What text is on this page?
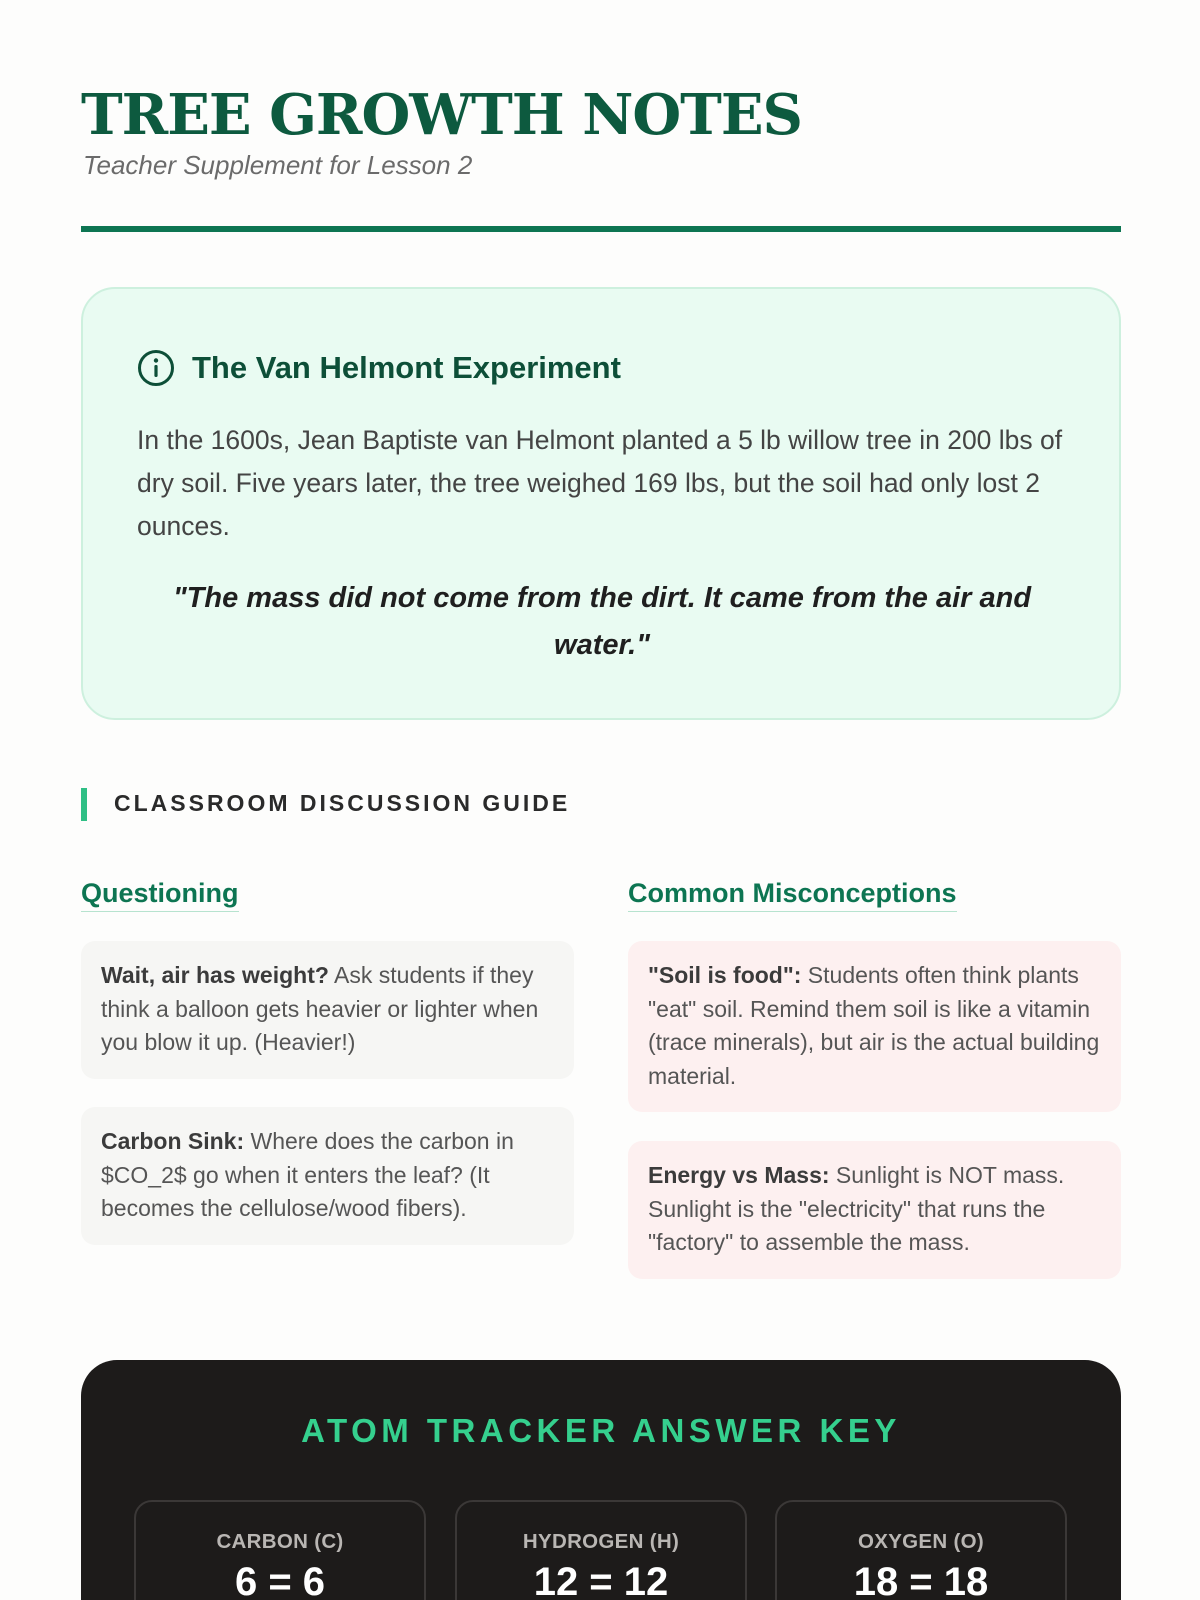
TREE GROWTH NOTES
Teacher Supplement for Lesson 2
The Van Helmont Experiment

In the 1600s, Jean Baptiste van Helmont planted a 5 lb willow tree in 200 lbs of dry soil. Five years later, the tree weighed 169 lbs, but the soil had only lost 2 ounces.

"The mass did not come from the dirt. It came from the air and water."

CLASSROOM DISCUSSION GUIDE
Questioning	Common Misconceptions
Wait, air has weight? Ask students if they think a balloon gets heavier or lighter when you blow it up. (Heavier!)
Carbon Sink: Where does the carbon in $CO_2$ go when it enters the leaf? (It becomes the cellulose/wood fibers).
"Soil is food": Students often think plants "eat" soil. Remind them soil is like a vitamin (trace minerals), but air is the actual building material.
Energy vs Mass: Sunlight is NOT mass. Sunlight is the "electricity" that runs the "factory" to assemble the mass.
ATOM TRACKER ANSWER KEY
CARBON (C)
6 = 6
HYDROGEN (H)
12 = 12
OXYGEN (O)
18 = 18
